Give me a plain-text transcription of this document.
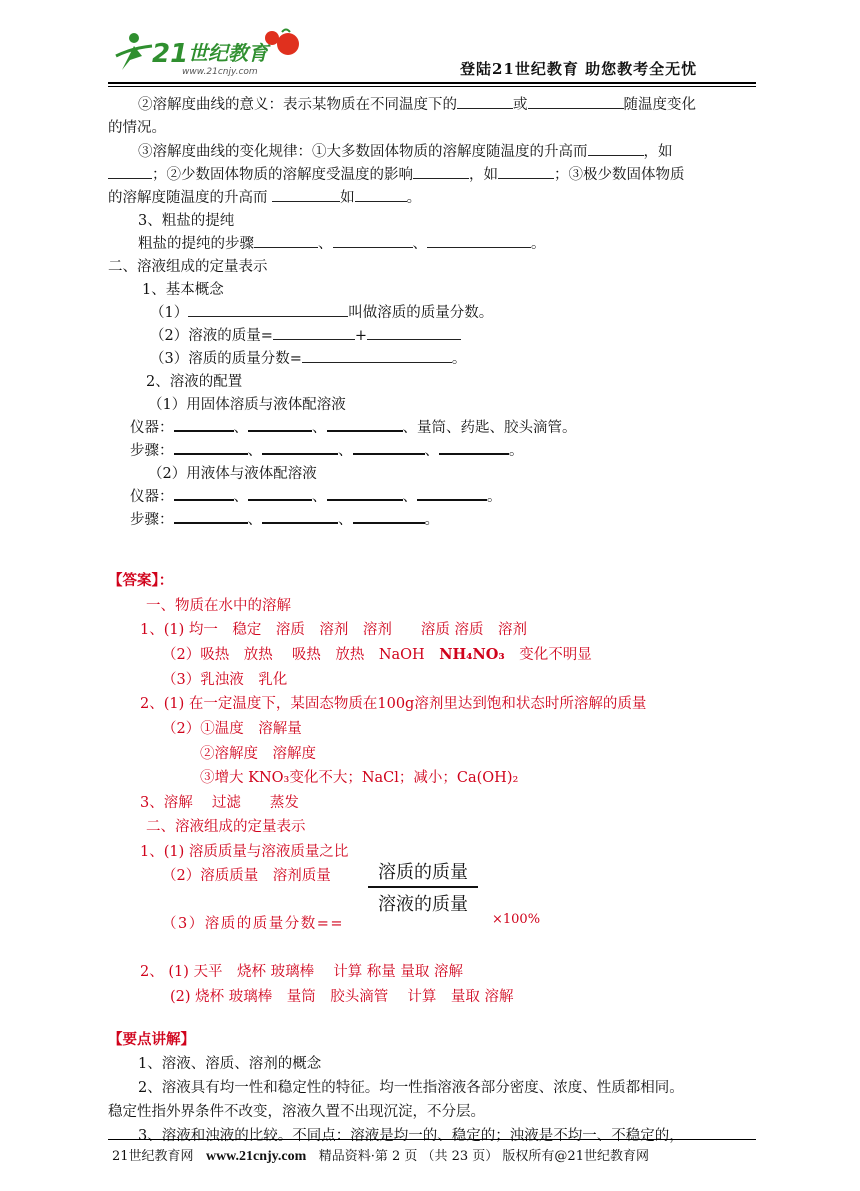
21 世纪教育
www.21cnjy.com	登陆21世纪教育 助您教考全无忧
②溶解度曲线的意义：表示某物质在不同温度下的	或	随温度变化
的情况。
③溶解度曲线的变化规律：①大多数固体物质的溶解度随温度的升高而	，如
；②少数固体物质的溶解度受温度的影响	，如	；③极少数固体物质
的溶解度随温度的升高而	如	。
3、粗盐的提纯
粗盐的提纯的步骤	、	、	。
二、溶液组成的定量表示
1、基本概念
（1）	叫做溶质的质量分数。
（2）溶液的质量=	+
（3）溶质的质量分数=	。
2、溶液的配置
（1）用固体溶质与液体配溶液
仪器：	、	、	、量筒、药匙、胶头滴管。
步骤：	、	、	、	。
（2）用液体与液体配溶液
仪器：	、	、	、	。
步骤：	、	、	。
【答案】：
一、物质在水中的溶解
1、(1) 均一　稳定　溶质　溶剂　溶剂　　溶质 溶质　溶剂
（2）吸热　放热　 吸热　放热　NaOH　NH₄NO₃　变化不明显
（3）乳浊液　乳化
2、(1) 在一定温度下，某固态物质在100g溶剂里达到饱和状态时所溶解的质量
（2）①温度　溶解量
②溶解度　溶解度
③增大 KNO₃变化不大；NaCl；减小；Ca(OH)₂
3、溶解　 过滤　　蒸发
二、溶液组成的定量表示
1、(1) 溶质质量与溶液质量之比
（2）溶质质量　溶剂质量
（3）溶质的质量分数==
溶质的质量
溶液的质量
×100%
2、 (1) 天平　烧杯 玻璃棒　 计算 称量 量取 溶解
(2) 烧杯 玻璃棒　量筒　胶头滴管　 计算　量取 溶解
【要点讲解】
1、溶液、溶质、溶剂的概念
2、溶液具有均一性和稳定性的特征。均一性指溶液各部分密度、浓度、性质都相同。
稳定性指外界条件不改变，溶液久置不出现沉淀，不分层。
3、溶液和浊液的比较。不同点：溶液是均一的、稳定的；浊液是不均一、不稳定的，
21世纪教育网 www.21cnjy.com 精品资料·第 2 页 （共 23 页） 版权所有@21世纪教育网
